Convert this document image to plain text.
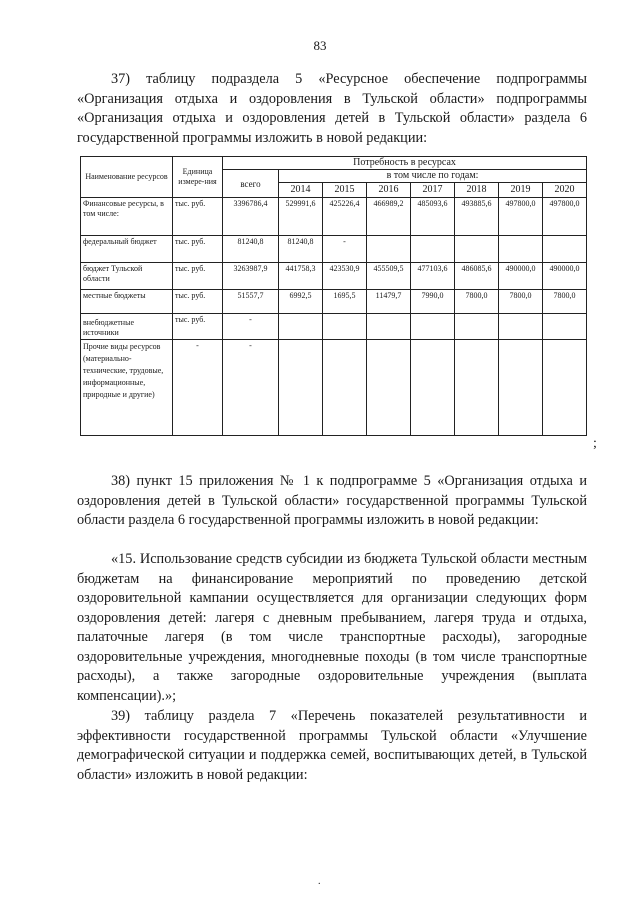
83

37) таблицу подраздела 5 «Ресурсное обеспечение подпрограммы «Организация отдыха и оздоровления в Тульской области» подпрограммы «Организация отдыха и оздоровления детей в Тульской области» раздела 6 государственной программы изложить в новой редакции:

Наименование ресурсов	Единица измере-ния	Потребность в ресурсах							
		всего	в том числе по годам:						
			2014	2015	2016	2017	2018	2019	2020
Финансовые ресурсы, в том числе:	тыс. руб.	3396786,4	529991,6	425226,4	466989,2	485093,6	493885,6	497800,0	497800,0
федеральный бюджет	тыс. руб.	81240,8	81240,8	-					
бюджет Тульской области	тыс. руб.	3263987,9	441758,3	423530,9	455509,5	477103,6	486085,6	490000,0	490000,0
местные бюджеты	тыс. руб.	51557,7	6992,5	1695,5	11479,7	7990,0	7800,0	7800,0	7800,0
внебюджетные источники	тыс. руб.	-							
Прочие виды ресурсов (материально-технические, трудовые, информационные, природные и другие)	-	-							
;

38) пункт 15 приложения № 1 к подпрограмме 5 «Организация отдыха и оздоровления детей в Тульской области» государственной программы Тульской области раздела 6 государственной программы изложить в новой редакции:

«15. Использование средств субсидии из бюджета Тульской области местным бюджетам на финансирование мероприятий по проведению детской оздоровительной кампании осуществляется для организации следующих форм оздоровления детей: лагеря с дневным пребыванием, лагеря труда и отдыха, палаточные лагеря (в том числе транспортные расходы), загородные оздоровительные учреждения, многодневные походы (в том числе транспортные расходы), а также загородные оздоровительные учреждения (выплата компенсации).»;

39) таблицу раздела 7 «Перечень показателей результативности и эффективности государственной программы Тульской области «Улучшение демографической ситуации и поддержка семей, воспитывающих детей, в Тульской области» изложить в новой редакции:

.
